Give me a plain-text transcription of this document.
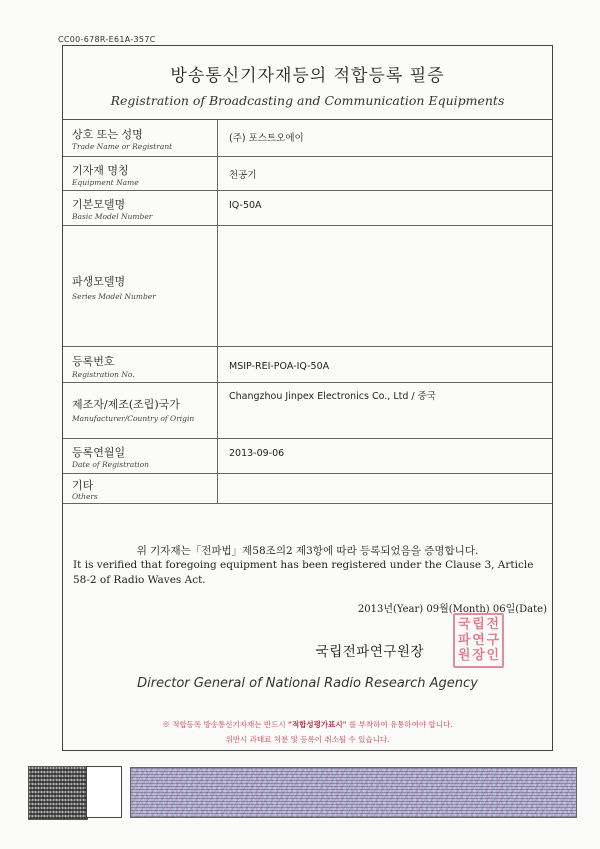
CC00-678R-E61A-357C
방송통신기자재등의 적합등록 필증
Registration of Broadcasting and Communication Equipments
상호 또는 성명
Trade Name or Registrant
(주) 포스트오에이
기자재 명칭
Equipment Name
천공기
기본모델명
Basic Model Number
IQ-50A
파생모델명
Series Model Number
등록번호
Registration No.
MSIP-REI-POA-IQ-50A
제조자/제조(조립)국가
Manufacturer/Country of Origin
Changzhou Jinpex Electronics Co., Ltd / 중국
등록연월일
Date of Registration
2013-09-06
기타
Others
위 기자재는「전파법」제58조의2 제3항에 따라 등록되었음을 증명합니다.
It is verified that foregoing equipment has been registered under the Clause 3, Article 58-2 of Radio Waves Act.
2013년(Year) 09월(Month) 06일(Date)
국 립 전
파 연 구
원 장 인
국립전파연구원장
Director General of National Radio Research Agency
※ 적합등록 방송통신기자재는 반드시 "적합성평가표시" 를 부착하여 유통하여야 합니다.
위반시 과태료 처분 및 등록이 취소될 수 있습니다.
